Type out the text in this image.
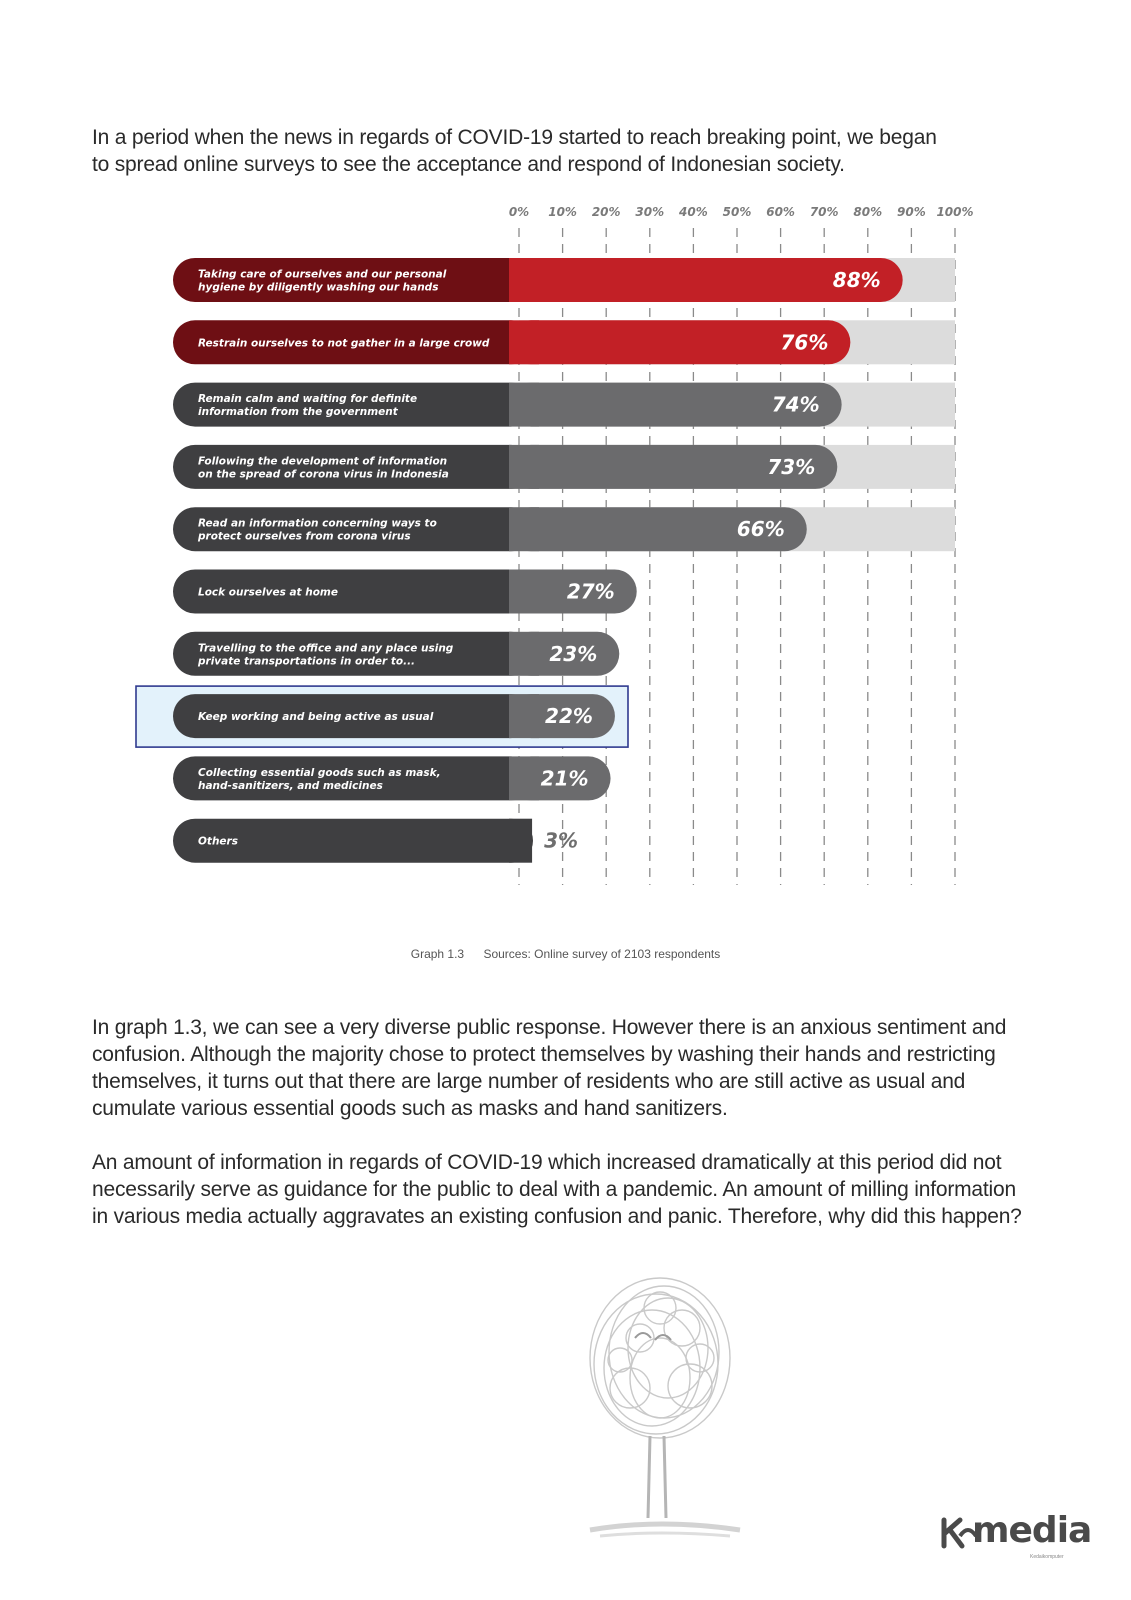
In a period when the news in regards of COVID-19 started to reach breaking point, we began

to spread online surveys to see the acceptance and respond of Indonesian society.

0% 10% 20% 30% 40% 50% 60% 70% 80% 90% 100%
Taking care of ourselves and our personal hygiene by diligently washing our hands	88%
Restrain ourselves to not gather in a large crowd	76%
Remain calm and waiting for definite information from the government	74%
Following the development of information on the spread of corona virus in Indonesia	73%
Read an information concerning ways to protect ourselves from corona virus	66%
Lock ourselves at home	27%
Travelling to the office and any place using private transportations in order to...	23%
Keep working and being active as usual	22%
Collecting essential goods such as mask, hand-sanitizers, and medicines	21%
Others	3%
Graph 1.3 Sources: Online survey of 2103 respondents

In graph 1.3, we can see a very diverse public response. However there is an anxious sentiment and

confusion. Although the majority chose to protect themselves by washing their hands and restricting

themselves, it turns out that there are large number of residents who are still active as usual and

cumulate various essential goods such as masks and hand sanitizers.

An amount of information in regards of COVID-19 which increased dramatically at this period did not

necessarily serve as guidance for the public to deal with a pandemic. An amount of milling information

in various media actually aggravates an existing confusion and panic. Therefore, why did this happen?

media
Kedaikomputer
